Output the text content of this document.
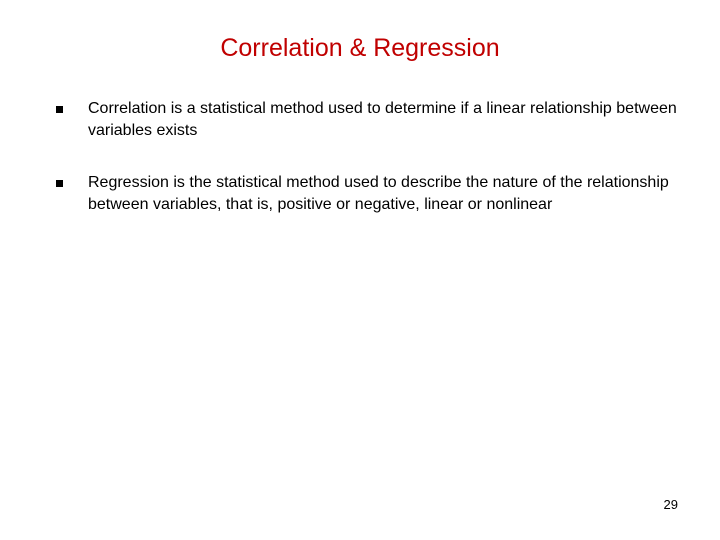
Correlation & Regression
Correlation is a statistical method used to determine if a linear relationship between variables exists
Regression is the statistical method used to describe the nature of the relationship between variables, that is, positive or negative, linear or nonlinear
29
